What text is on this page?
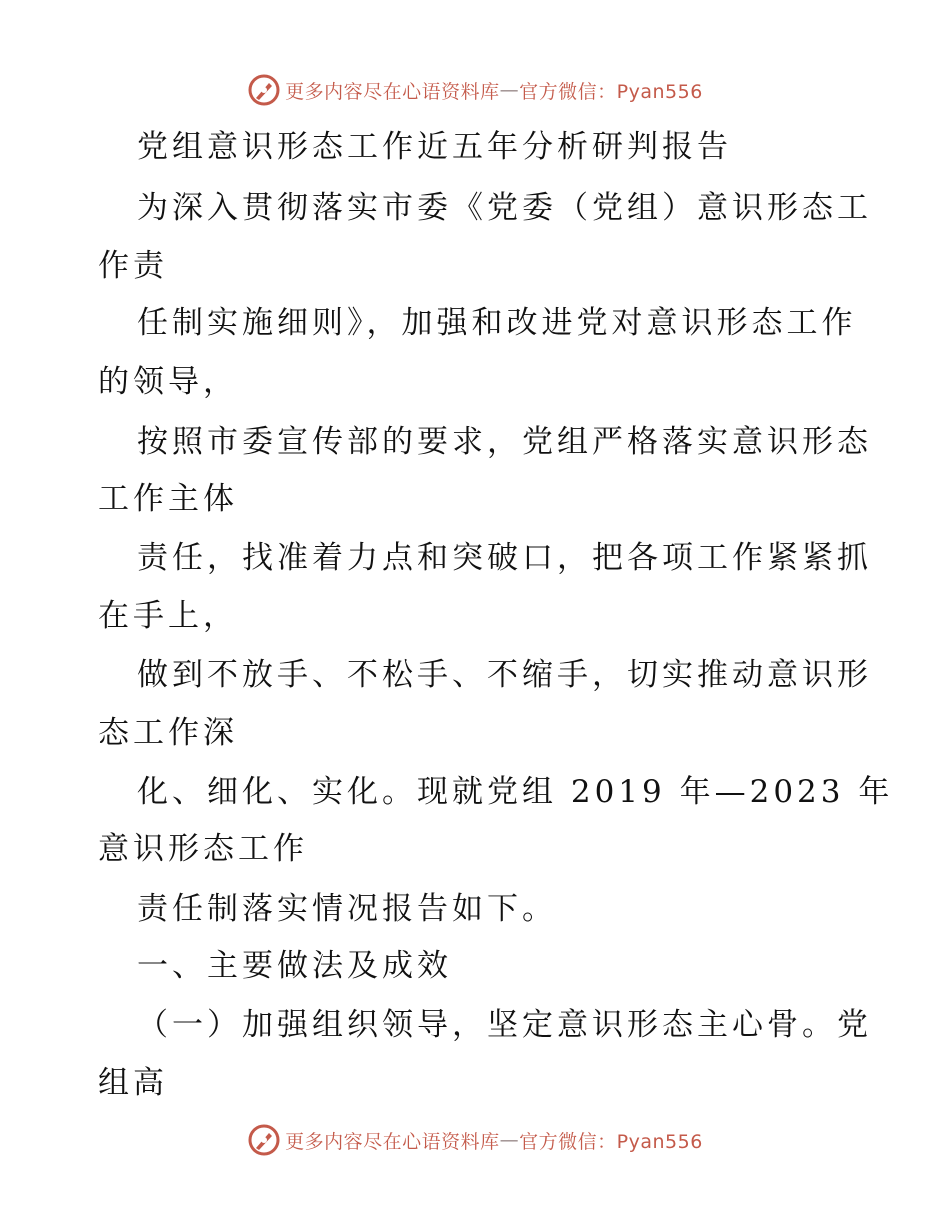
更多内容尽在心语资料库 — 官方微信：Pyan556
党组意识形态工作近五年分析研判报告
为深入贯彻落实市委《党委（党组）意识形态工
作责
任制实施细则》，加强和改进党对意识形态工作
的领导，
按照市委宣传部的要求，党组严格落实意识形态
工作主体
责任，找准着力点和突破口，把各项工作紧紧抓
在手上，
做到不放手、不松手、不缩手，切实推动意识形
态工作深
化、细化、实化。现就党组 2019 年—2023 年
意识形态工作
责任制落实情况报告如下。
一、主要做法及成效
（一）加强组织领导，坚定意识形态主心骨。党
组高
更多内容尽在心语资料库 — 官方微信：Pyan556
